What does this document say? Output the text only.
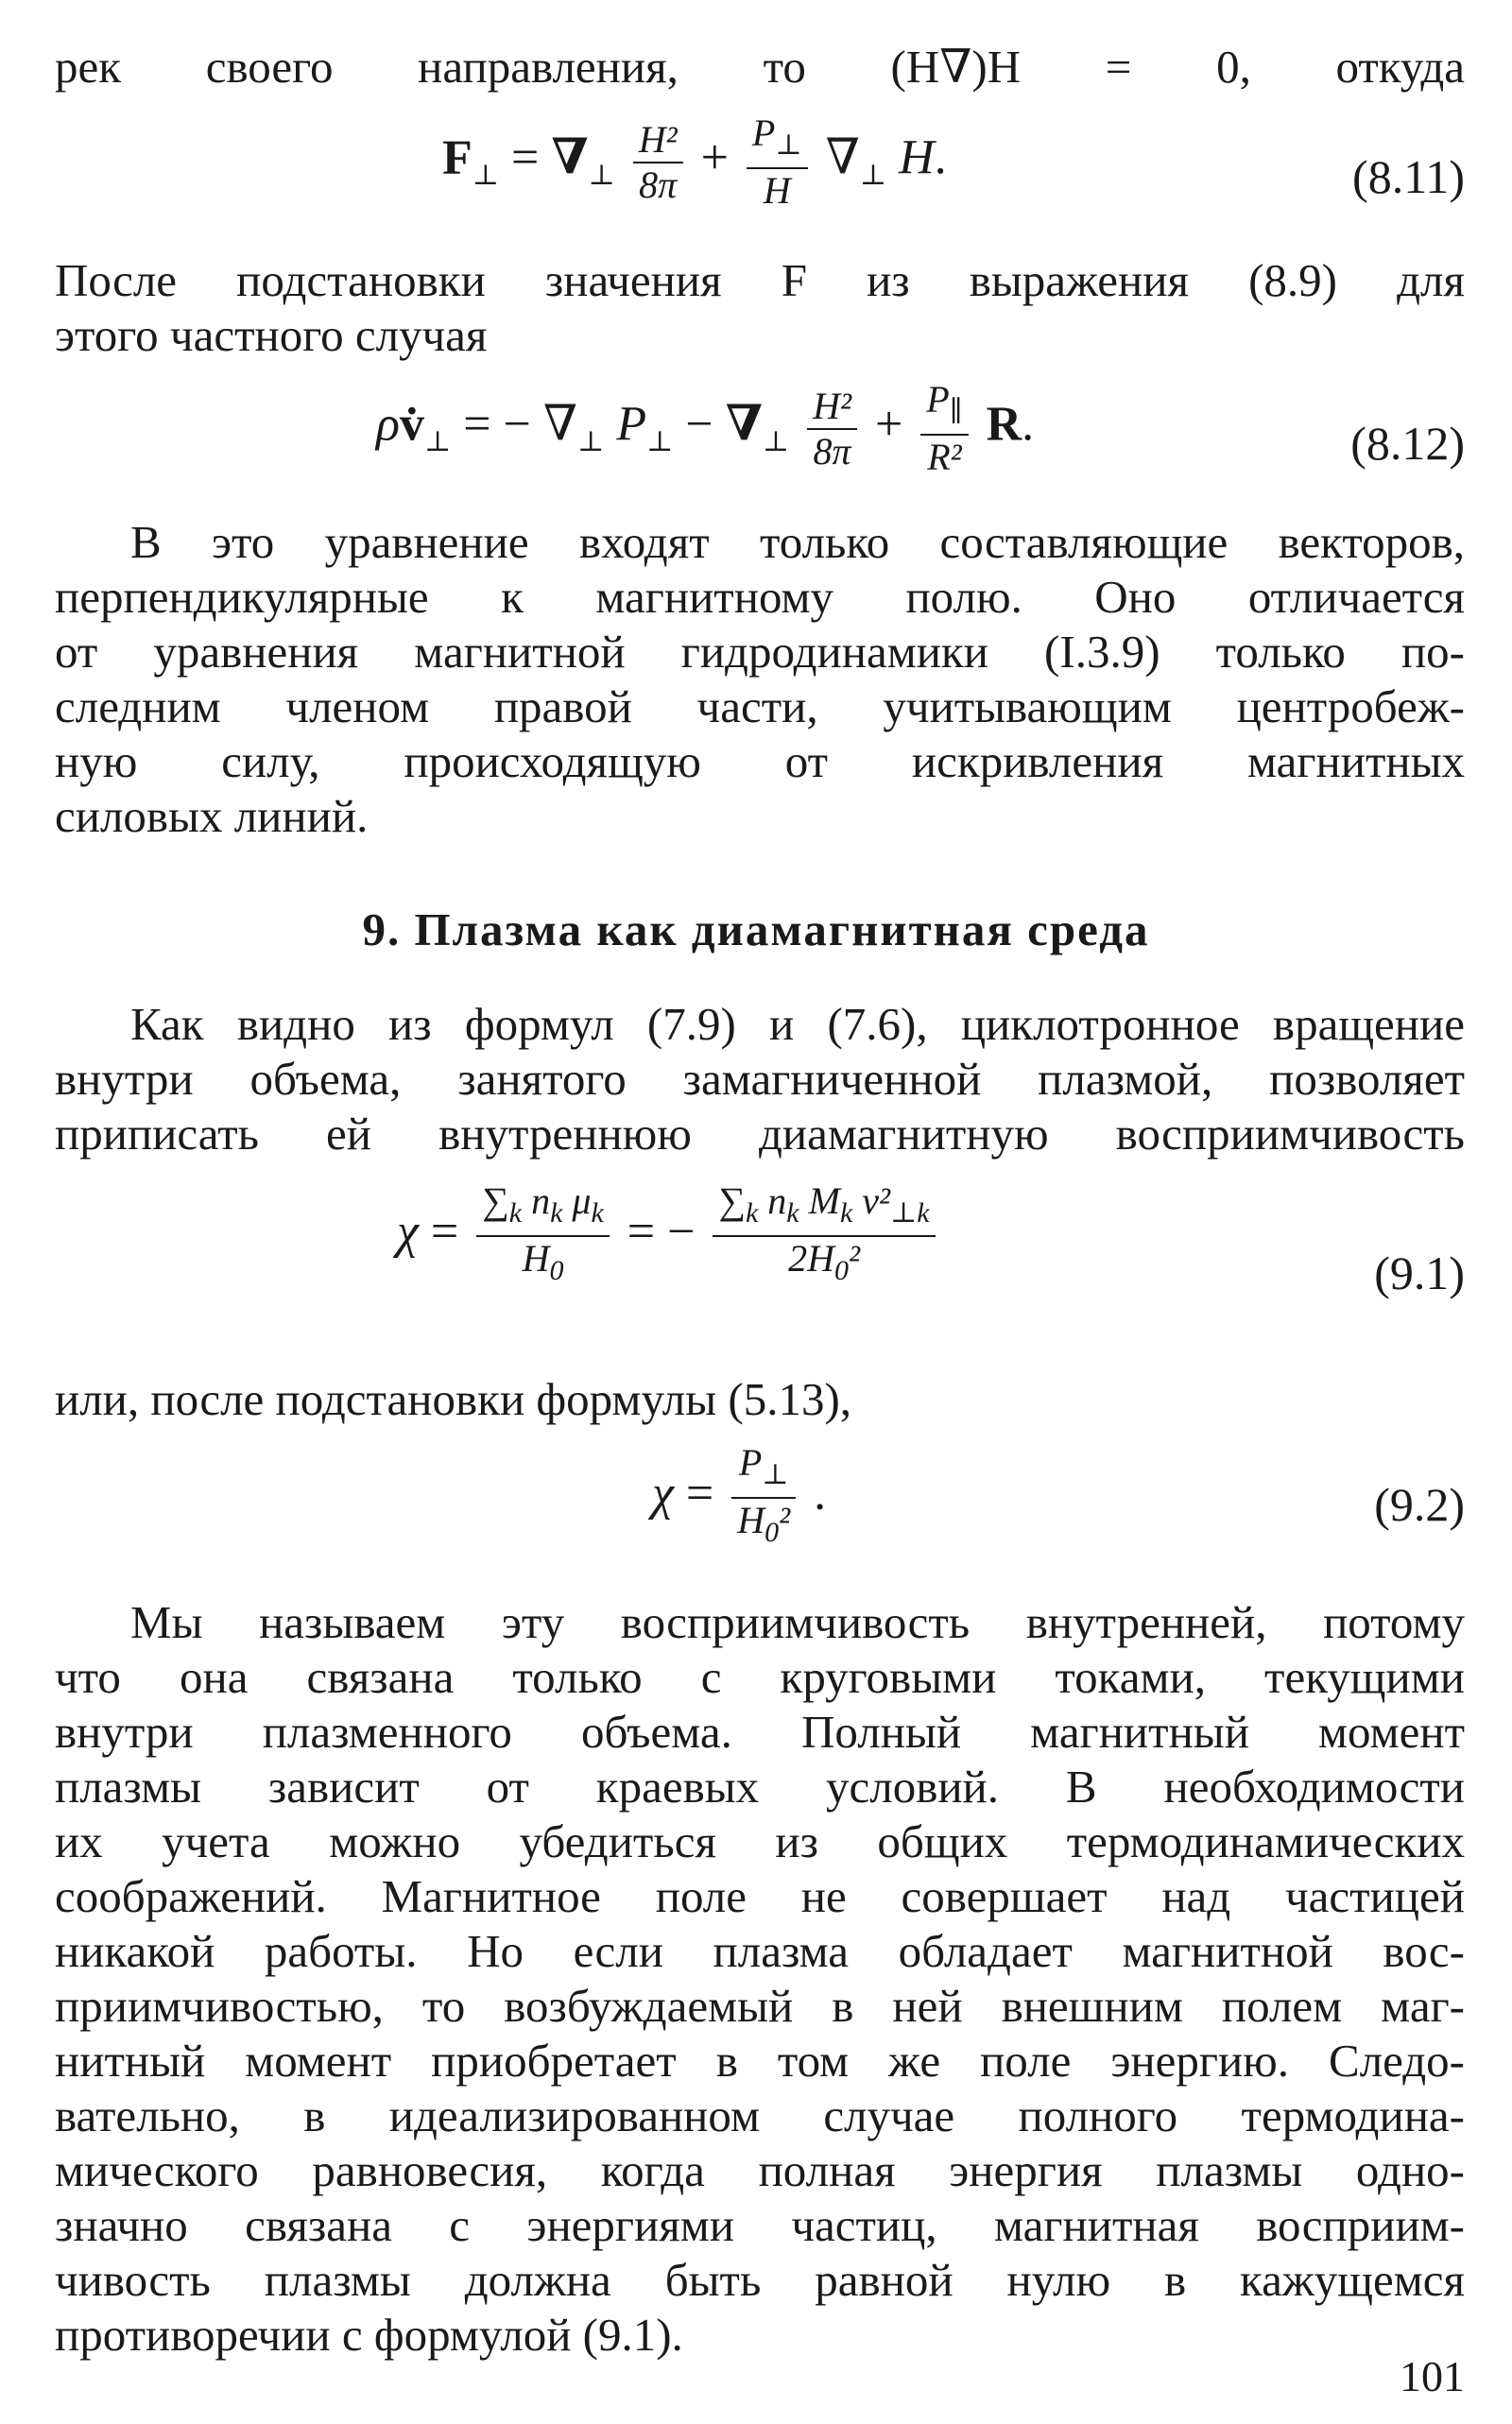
рек своего направления, то (H∇)H = 0, откуда
$F_\perp = \nabla_\perp \frac{\text{H²}}{8\pi} + \frac{P_\perp}{H} \nabla_\perp$ H.	(8.11)
После подстановки значения F из выражения (8.9) для
этого частного случая
$\rho v̇_\perp$ = − $\nabla_\perp$ $P_\perp - \nabla_\perp \frac{\text{H²}}{8\pi} + \frac{P_\parallel}{\text{R²}} R$.	(8.12)
В это уравнение входят только составляющие векторов,
перпендикулярные к магнитному полю. Оно отличается
от уравнения магнитной гидродинамики (I.3.9) только по-
следним членом правой части, учитывающим центробеж-
ную силу, происходящую от искривления магнитных
силовых линий.
9. Плазма как диамагнитная среда
Как видно из формул (7.9) и (7.6), циклотронное вращение
внутри объема, занятого замагниченной плазмой, позволяет
приписать ей внутреннюю диамагнитную восприимчивость
$\chi = \frac{\sum_k n_k \mu_k}{H_0}$ = − $\frac{\sum_k n_k M_k v^2_{\perp k}}{2H_0^2}$	(9.1)
или, после подстановки формулы (5.13),
$\chi = \frac{P_\perp}{H_0^2}$ .	(9.2)
Мы называем эту восприимчивость внутренней, потому
что она связана только с круговыми токами, текущими
внутри плазменного объема. Полный магнитный момент
плазмы зависит от краевых условий. В необходимости
их учета можно убедиться из общих термодинамических
соображений. Магнитное поле не совершает над частицей
никакой работы. Но если плазма обладает магнитной вос-
приимчивостью, то возбуждаемый в ней внешним полем маг-
нитный момент приобретает в том же поле энергию. Следо-
вательно, в идеализированном случае полного термодина-
мического равновесия, когда полная энергия плазмы одно-
значно связана с энергиями частиц, магнитная восприим-
чивость плазмы должна быть равной нулю в кажущемся
противоречии с формулой (9.1).
101
